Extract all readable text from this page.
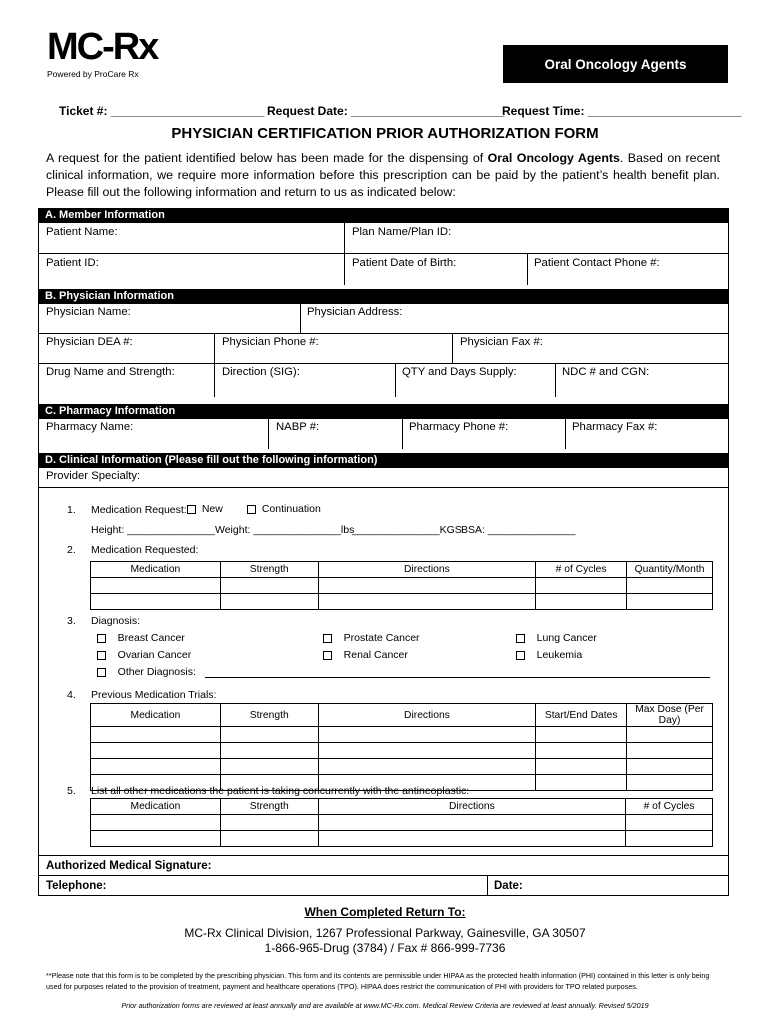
MC-Rx
Powered by ProCare Rx
Oral Oncology Agents
Ticket #: _______________________ Request Date: _______________________
Request Time: _______________________
PHYSICIAN CERTIFICATION PRIOR AUTHORIZATION FORM
A request for the patient identified below has been made for the dispensing of Oral Oncology Agents. Based on recent clinical information, we require more information before this prescription can be paid by the patient’s health benefit plan. Please fill out the following information and return to us as indicated below:
A. Member Information
Patient Name:	Plan Name/Plan ID:
Patient ID:	Patient Date of Birth:	Patient Contact Phone #:
B. Physician Information
Physician Name:	Physician Address:
Physician DEA #:	Physician Phone #:	Physician Fax #:
Drug Name and Strength:	Direction (SIG):	QTY and Days Supply:	NDC # and CGN:
C. Pharmacy Information
Pharmacy Name:	NABP #:	Pharmacy Phone #:	Pharmacy Fax #:
D. Clinical Information (Please fill out the following information)
Provider Specialty:
1. Medication Request:	New	Continuation
Height: _______________ Weight: _______________lbs
_______________KGS BSA: _______________
2. Medication Requested:
Medication	Strength	Directions	# of Cycles	Quantity/Month

3. Diagnosis:
Breast Cancer	Prostate Cancer	Lung Cancer
Ovarian Cancer	Renal Cancer	Leukemia
Other Diagnosis:
4. Previous Medication Trials:
Medication	Strength	Directions	Start/End Dates	Max Dose (Per Day)

5. List all other medications the patient is taking concurrently with the antineoplastic:
Medication	Strength	Directions	# of Cycles

Authorized Medical Signature:
Telephone:	Date:
When Completed Return To:
MC-Rx Clinical Division, 1267 Professional Parkway, Gainesville, GA 30507
1-866-965-Drug (3784) / Fax # 866-999-7736
**Please note that this form is to be completed by the prescribing physician. This form and its contents are permissible under HIPAA as the protected health information (PHI) contained in this letter is only being used for purposes related to the provision of treatment, payment and healthcare operations (TPO). HIPAA does restrict the communication of PHI with providers for TPO related purposes.
Prior authorization forms are reviewed at least annually and are available at www.MC-Rx.com. Medical Review Criteria are reviewed at least annually. Revised 5/2019
